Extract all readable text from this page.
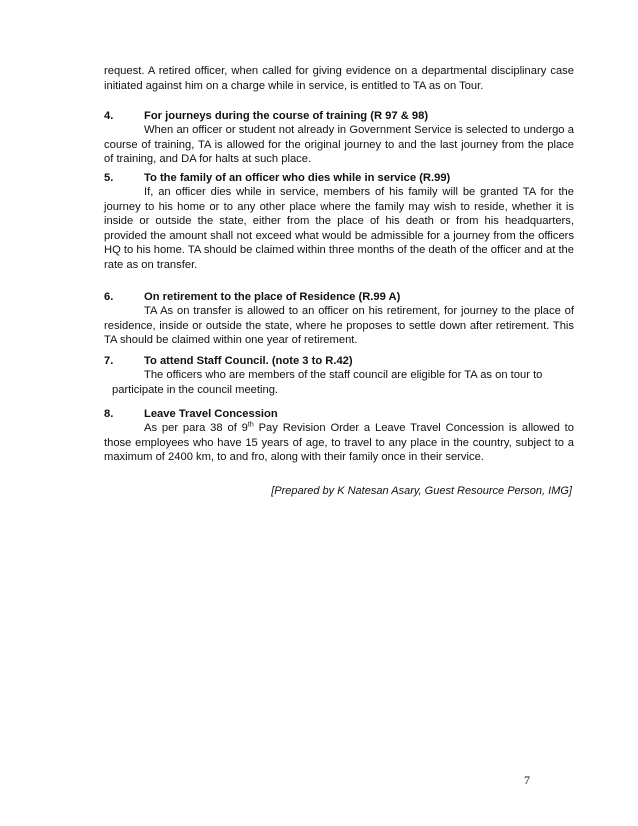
request. A retired officer, when called for giving evidence on a departmental disciplinary case initiated against him on a charge while in service, is entitled to TA as on Tour.
4.	For journeys during the course of training (R 97 & 98)
When an officer or student not already in Government Service is selected to undergo a course of training, TA is allowed for the original journey to and the last journey from the place of training, and DA for halts at such place.
5.	To the family of an officer who dies while in service (R.99)
If, an officer dies while in service, members of his family will be granted TA for the journey to his home or to any other place where the family may wish to reside, whether it is inside or outside the state, either from the place of his death or from his headquarters, provided the amount shall not exceed what would be admissible for a journey from the officers HQ to his home. TA should be claimed within three months of the death of the officer and at the rate as on transfer.
6.	On retirement to the place of Residence (R.99 A)
TA As on transfer is allowed to an officer on his retirement, for journey to the place of residence, inside or outside the state, where he proposes to settle down after retirement. This TA should be claimed within one year of retirement.
7.	To attend Staff Council. (note 3 to R.42)
The officers who are members of the staff council are eligible for TA as on tour to participate in the council meeting.
8.	Leave Travel Concession
As per para 38 of 9th Pay Revision Order a Leave Travel Concession is allowed to those employees who have 15 years of age, to travel to any place in the country, subject to a maximum of 2400 km, to and fro, along with their family once in their service.
[Prepared by K Natesan Asary, Guest Resource Person, IMG]
7
